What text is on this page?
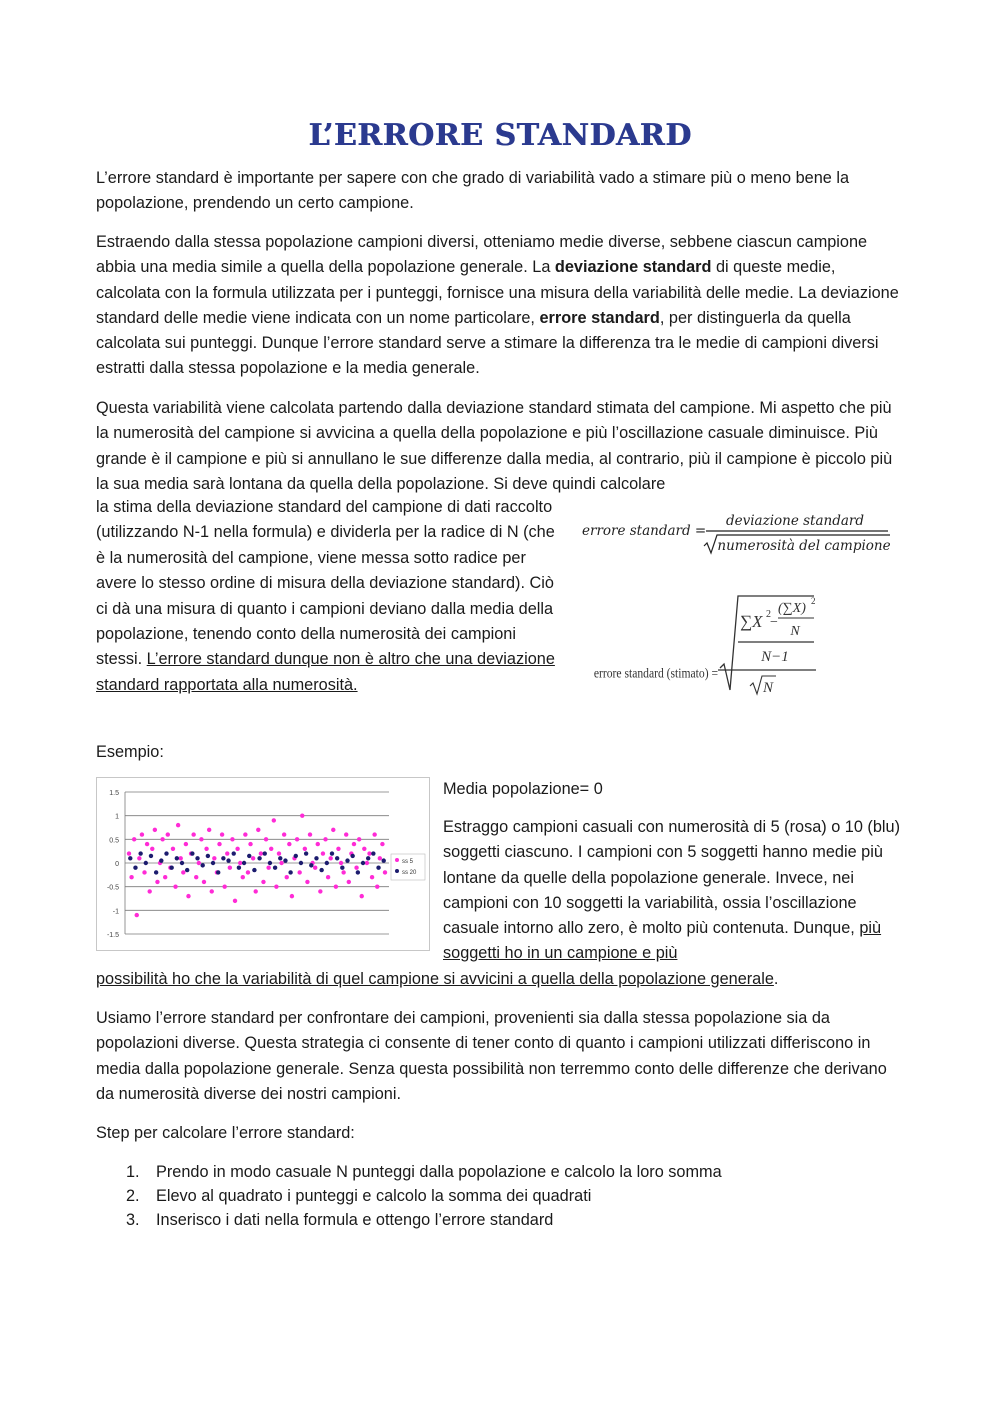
L’ERRORE STANDARD

L’errore standard è importante per sapere con che grado di variabilità vado a stimare più o meno bene la popolazione, prendendo un certo campione.

Estraendo dalla stessa popolazione campioni diversi, otteniamo medie diverse, sebbene ciascun campione abbia una media simile a quella della popolazione generale. La deviazione standard di queste medie, calcolata con la formula utilizzata per i punteggi, fornisce una misura della variabilità delle medie. La deviazione standard delle medie viene indicata con un nome particolare, errore standard, per distinguerla da quella calcolata sui punteggi. Dunque l’errore standard serve a stimare la differenza tra le medie di campioni diversi estratti dalla stessa popolazione e la media generale.

Questa variabilità viene calcolata partendo dalla deviazione standard stimata del campione. Mi aspetto che più la numerosità del campione si avvicina a quella della popolazione e più l’oscillazione casuale diminuisce. Più grande è il campione e più si annullano le sue differenze dalla media, al contrario, più il campione è piccolo più la sua media sarà lontana da quella della popolazione. Si deve quindi calcolare

la stima della deviazione standard del campione di dati raccolto (utilizzando N-1 nella formula) e dividerla per la radice di N (che è la numerosità del campione, viene messa sotto radice per avere lo stesso ordine di misura della deviazione standard). Ciò ci dà una misura di quanto i campioni deviano dalla media della popolazione, tenendo conto della numerosità dei campioni stessi. L’errore standard dunque non è altro che una deviazione standard rapportata alla numerosità.

errore standard =
deviazione standard
numerosità del campione
errore standard (stimato) =
∑X 2
−
(∑X) 2
N
N−1
N

Esempio:

1.5
1
0.5
0
-0.5
-1
-1.5
ss 5
ss 20

Media popolazione= 0

Estraggo campioni casuali con numerosità di 5 (rosa) o 10 (blu) soggetti ciascuno. I campioni con 5 soggetti hanno medie più lontane da quelle della popolazione generale. Invece, nei campioni con 10 soggetti la variabilità, ossia l’oscillazione casuale intorno allo zero, è molto più contenuta. Dunque, più soggetti ho in un campione e più

possibilità ho che la variabilità di quel campione si avvicini a quella della popolazione generale.

Usiamo l’errore standard per confrontare dei campioni, provenienti sia dalla stessa popolazione sia da popolazioni diverse. Questa strategia ci consente di tener conto di quanto i campioni utilizzati differiscono in media dalla popolazione generale. Senza questa possibilità non terremmo conto delle differenze che derivano da numerosità diverse dei nostri campioni.

Step per calcolare l’errore standard:

1. Prendo in modo casuale N punteggi dalla popolazione e calcolo la loro somma
2. Elevo al quadrato i punteggi e calcolo la somma dei quadrati
3. Inserisco i dati nella formula e ottengo l’errore standard
